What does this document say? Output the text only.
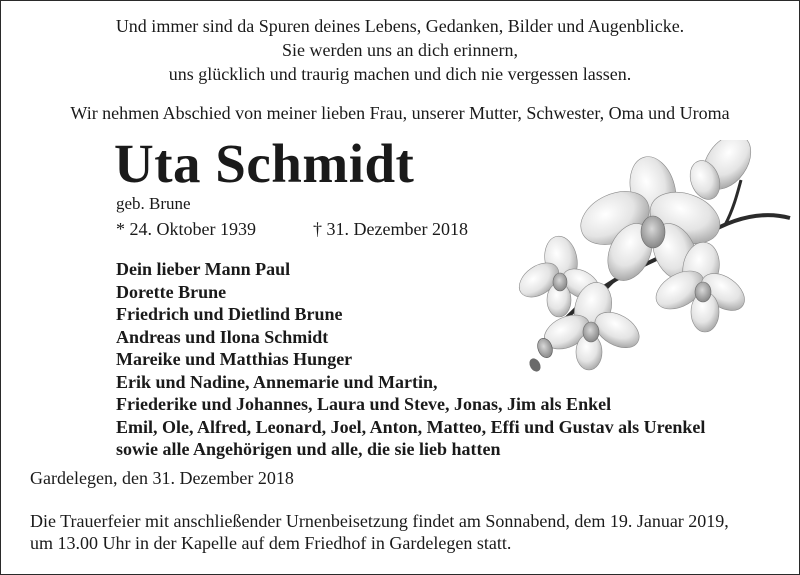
Und immer sind da Spuren deines Lebens, Gedanken, Bilder und Augenblicke.
Sie werden uns an dich erinnern,
uns glücklich und traurig machen und dich nie vergessen lassen.
Wir nehmen Abschied von meiner lieben Frau, unserer Mutter, Schwester, Oma und Uroma
Uta Schmidt
geb. Brune
* 24. Oktober 1939	† 31. Dezember 2018
Dein lieber Mann Paul
Dorette Brune
Friedrich und Dietlind Brune
Andreas und Ilona Schmidt
Mareike und Matthias Hunger
Erik und Nadine, Annemarie und Martin,
Friederike und Johannes, Laura und Steve, Jonas, Jim als Enkel
Emil, Ole, Alfred, Leonard, Joel, Anton, Matteo, Effi und Gustav als Urenkel
sowie alle Angehörigen und alle, die sie lieb hatten
Gardelegen, den 31. Dezember 2018
Die Trauerfeier mit anschließender Urnenbeisetzung findet am Sonnabend, dem 19. Januar 2019,
um 13.00 Uhr in der Kapelle auf dem Friedhof in Gardelegen statt.
